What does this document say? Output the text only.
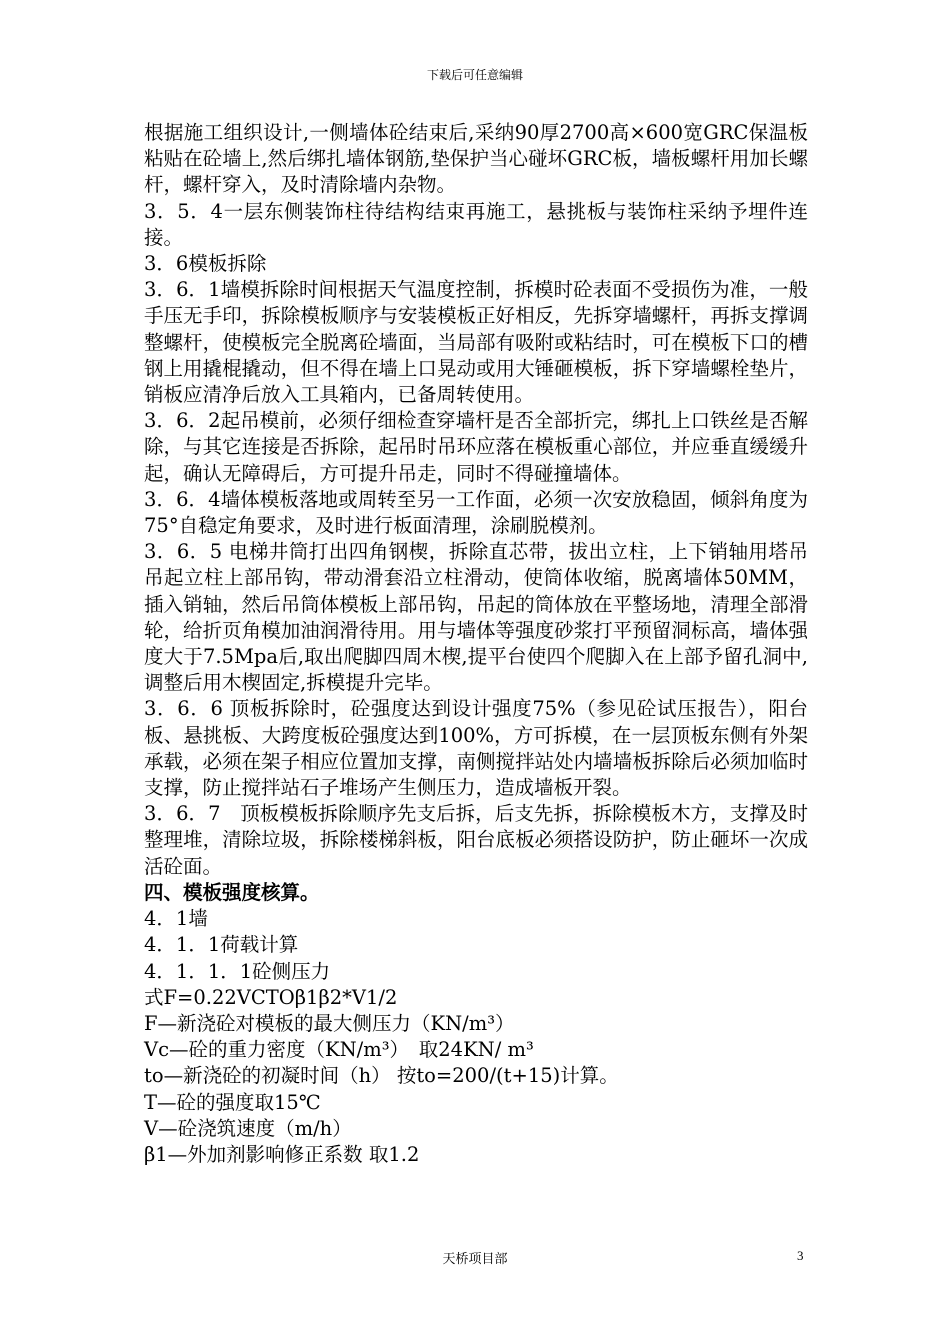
下载后可任意编辑

根据施工组织设计,一侧墙体砼结束后,采纳90厚2700高×600宽GRC保温板粘贴在砼墙上,然后绑扎墙体钢筋,垫保护当心碰坏GRC板，墙板螺杆用加长螺杆，螺杆穿入，及时清除墙内杂物。

3．5．4一层东侧装饰柱待结构结束再施工，悬挑板与装饰柱采纳予埋件连接。

3．6模板拆除

3．6．1墙模拆除时间根据天气温度控制，拆模时砼表面不受损伤为准，一般手压无手印，拆除模板顺序与安装模板正好相反，先拆穿墙螺杆，再拆支撑调整螺杆，使模板完全脱离砼墙面，当局部有吸附或粘结时，可在模板下口的槽钢上用撬棍撬动，但不得在墙上口晃动或用大锤砸模板，拆下穿墙螺栓垫片，销板应清净后放入工具箱内，已备周转使用。

3．6．2起吊模前，必须仔细检查穿墙杆是否全部折完，绑扎上口铁丝是否解除，与其它连接是否拆除，起吊时吊环应落在模板重心部位，并应垂直缓缓升起，确认无障碍后，方可提升吊走，同时不得碰撞墙体。

3．6．4墙体模板落地或周转至另一工作面，必须一次安放稳固，倾斜角度为75°自稳定角要求，及时进行板面清理，涂刷脱模剂。

3．6．5 电梯井筒打出四角钢楔，拆除直芯带，拔出立柱，上下销轴用塔吊吊起立柱上部吊钩，带动滑套沿立柱滑动，使筒体收缩，脱离墙体50MM，插入销轴，然后吊筒体模板上部吊钩，吊起的筒体放在平整场地，清理全部滑轮，给折页角模加油润滑待用。用与墙体等强度砂浆打平预留洞标高，墙体强度大于7.5Mpa后,取出爬脚四周木楔,提平台使四个爬脚入在上部予留孔洞中,调整后用木楔固定,拆模提升完毕。

3．6．6 顶板拆除时，砼强度达到设计强度75%（参见砼试压报告），阳台板、悬挑板、大跨度板砼强度达到100%，方可拆模，在一层顶板东侧有外架承载，必须在架子相应位置加支撑，南侧搅拌站处内墙墙板拆除后必须加临时支撑，防止搅拌站石子堆场产生侧压力，造成墙板开裂。

3．6．7　顶板模板拆除顺序先支后拆，后支先拆，拆除模板木方，支撑及时整理堆，清除垃圾，拆除楼梯斜板，阳台底板必须搭设防护，防止砸坏一次成活砼面。

四、模板强度核算。

4．1墙

4．1．1荷载计算

4．1．1．1砼侧压力

式F=0.22VCTOβ1β2*V1/2

F—新浇砼对模板的最大侧压力（KN/m³）

Vc—砼的重力密度（KN/m³）　取24KN/ m³

to—新浇砼的初凝时间（h） 按to=200/(t+15)计算。

T—砼的强度取15℃

V—砼浇筑速度（m/h）

β1—外加剂影响修正系数 取1.2

天桥项目部	3
